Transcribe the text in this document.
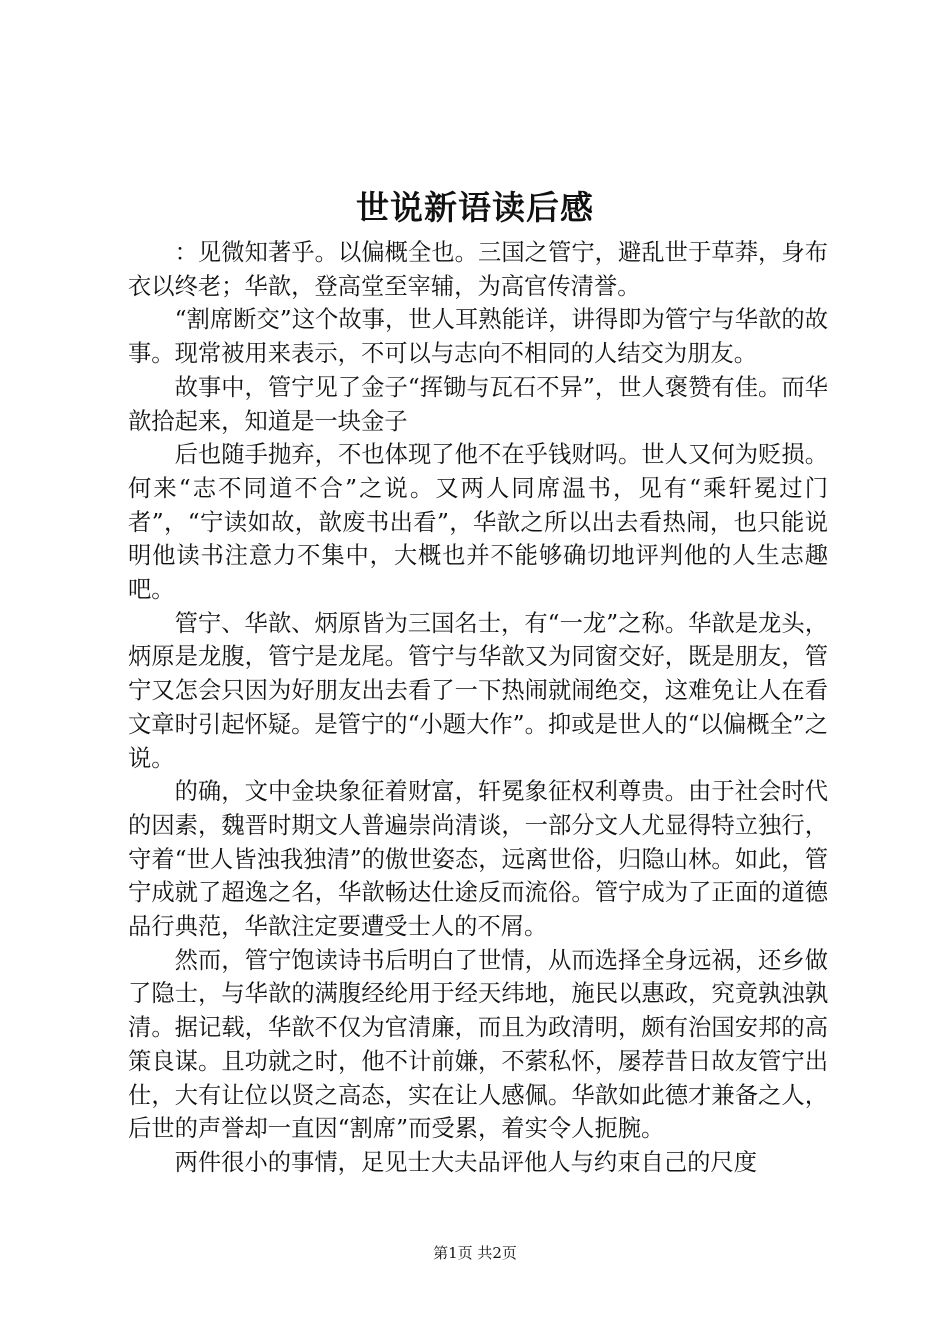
世说新语读后感

：见微知著乎。以偏概全也。三国之管宁，避乱世于草莽，身布衣以终老；华歆，登高堂至宰辅，为高官传清誉。

“割席断交”这个故事，世人耳熟能详，讲得即为管宁与华歆的故事。现常被用来表示，不可以与志向不相同的人结交为朋友。

故事中，管宁见了金子“挥锄与瓦石不异”，世人褒赞有佳。而华歆拾起来，知道是一块金子

后也随手抛弃，不也体现了他不在乎钱财吗。世人又何为贬损。何来“志不同道不合”之说。又两人同席温书，见有“乘轩冕过门者”，“宁读如故，歆废书出看”，华歆之所以出去看热闹，也只能说明他读书注意力不集中，大概也并不能够确切地评判他的人生志趣吧。

管宁、华歆、炳原皆为三国名士，有“一龙”之称。华歆是龙头，炳原是龙腹，管宁是龙尾。管宁与华歆又为同窗交好，既是朋友，管宁又怎会只因为好朋友出去看了一下热闹就闹绝交，这难免让人在看文章时引起怀疑。是管宁的“小题大作”。抑或是世人的“以偏概全”之说。

的确，文中金块象征着财富，轩冕象征权利尊贵。由于社会时代的因素，魏晋时期文人普遍崇尚清谈，一部分文人尤显得特立独行，守着“世人皆浊我独清”的傲世姿态，远离世俗，归隐山林。如此，管宁成就了超逸之名，华歆畅达仕途反而流俗。管宁成为了正面的道德品行典范，华歆注定要遭受士人的不屑。

然而，管宁饱读诗书后明白了世情，从而选择全身远祸，还乡做了隐士，与华歆的满腹经纶用于经天纬地，施民以惠政，究竟孰浊孰清。据记载，华歆不仅为官清廉，而且为政清明，颇有治国安邦的高策良谋。且功就之时，他不计前嫌，不萦私怀，屡荐昔日故友管宁出仕，大有让位以贤之高态，实在让人感佩。华歆如此德才兼备之人，后世的声誉却一直因“割席”而受累，着实令人扼腕。

两件很小的事情，足见士大夫品评他人与约束自己的尺度

第1页 共2页
